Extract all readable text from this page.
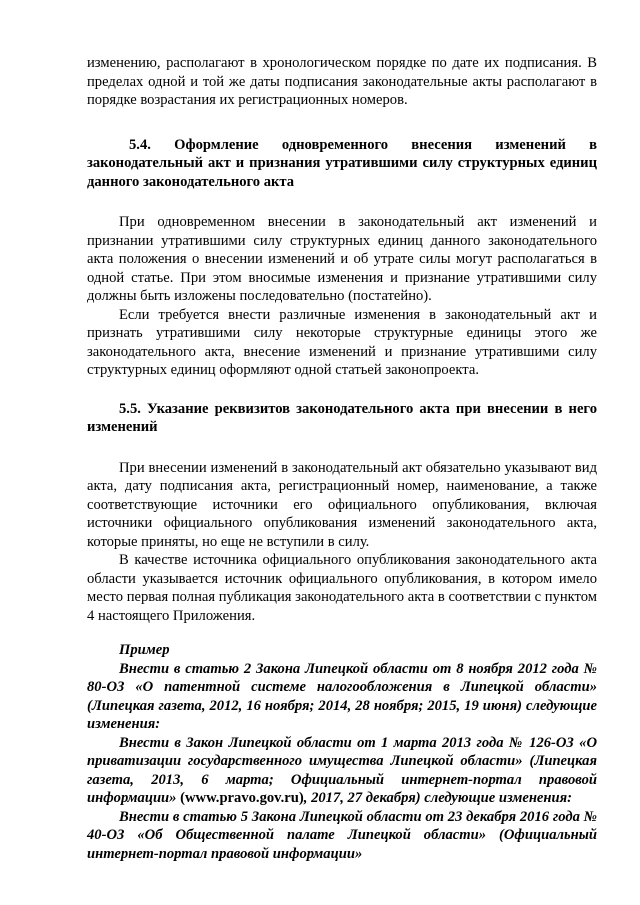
изменению, располагают в хронологическом порядке по дате их подписания. В пределах одной и той же даты подписания законодательные акты располагают в порядке возрастания их регистрационных номеров.

5.4. Оформление одновременного внесения изменений в законодательный акт и признания утратившими силу структурных единиц данного законодательного акта

При одновременном внесении в законодательный акт изменений и признании утратившими силу структурных единиц данного законодательного акта положения о внесении изменений и об утрате силы могут располагаться в одной статье. При этом вносимые изменения и признание утратившими силу должны быть изложены последовательно (постатейно).

Если требуется внести различные изменения в законодательный акт и признать утратившими силу некоторые структурные единицы этого же законодательного акта, внесение изменений и признание утратившими силу структурных единиц оформляют одной статьей законопроекта.

5.5. Указание реквизитов законодательного акта при внесении в него изменений

При внесении изменений в законодательный акт обязательно указывают вид акта, дату подписания акта, регистрационный номер, наименование, а также соответствующие источники его официального опубликования, включая источники официального опубликования изменений законодательного акта, которые приняты, но еще не вступили в силу.

В качестве источника официального опубликования законодательного акта области указывается источник официального опубликования, в котором имело место первая полная публикация законодательного акта в соответствии с пунктом 4 настоящего Приложения.

Пример

Внести в статью 2 Закона Липецкой области от 8 ноября 2012 года № 80-ОЗ «О патентной системе налогообложения в Липецкой области» (Липецкая газета, 2012, 16 ноября; 2014, 28 ноября; 2015, 19 июня) следующие изменения:

Внести в Закон Липецкой области от 1 марта 2013 года № 126-ОЗ «О приватизации государственного имущества Липецкой области» (Липецкая газета, 2013, 6 марта; Официальный интернет-портал правовой информации» (www.pravo.gov.ru), 2017, 27 декабря) следующие изменения:

Внести в статью 5 Закона Липецкой области от 23 декабря 2016 года № 40-ОЗ «Об Общественной палате Липецкой области» (Официальный интернет-портал правовой информации»
